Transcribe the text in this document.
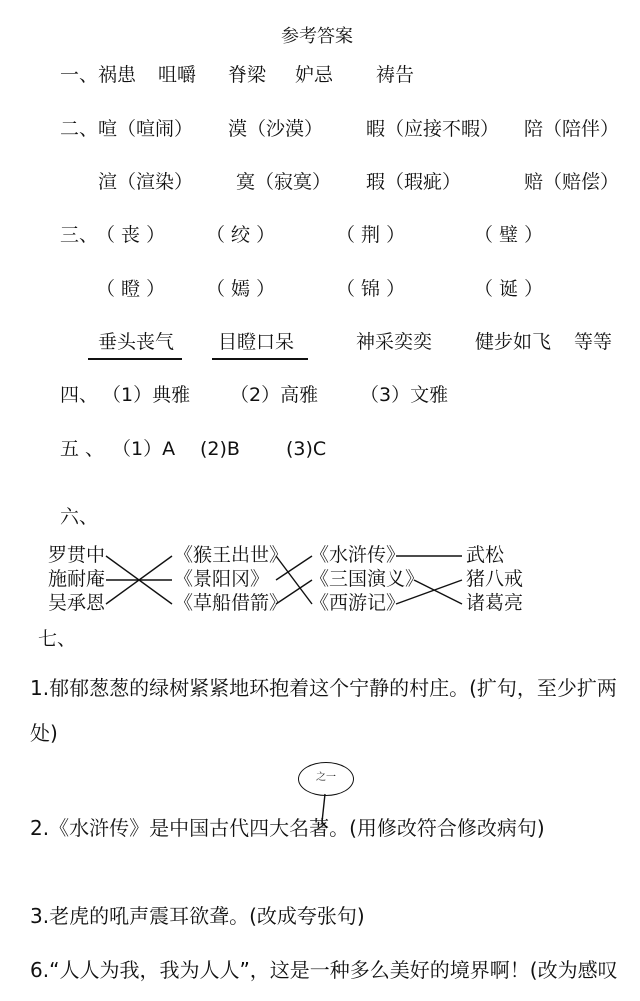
参考答案
一、 祸患 咀嚼 脊梁 妒忌 祷告
二、 喧（喧闹） 漠（沙漠） 暇（应接不暇） 陪（陪伴）
渲（渲染） 寞（寂寞） 瑕（瑕疵）	赔（赔偿）
三、
（ 丧 ） （ 绞 ）	（ 荆 ）	（ 璧 ）
（ 瞪 ） （ 嫣 ）	（ 锦 ）	（ 诞 ）
垂头丧气	目瞪口呆	神采奕奕 健步如飞 等等
四、 （1）典雅 （2）高雅 （3）文雅
五 、 （1）A (2)B (3)C
六、
罗贯中
施耐庵
吴承恩
《猴王出世》
《景阳冈》
《草船借箭》
《水浒传》
《三国演义》
《西游记》
武松
猪八戒
诸葛亮
七、
1.郁郁葱葱的绿树紧紧地环抱着这个宁静的村庄。(扩句，至少扩两
处)
之一
2.《水浒传》是中国古代四大名著。(用修改符合修改病句)
3.老虎的吼声震耳欲聋。(改成夸张句)
6.“人人为我，我为人人”，这是一种多么美好的境界啊！(改为感叹
